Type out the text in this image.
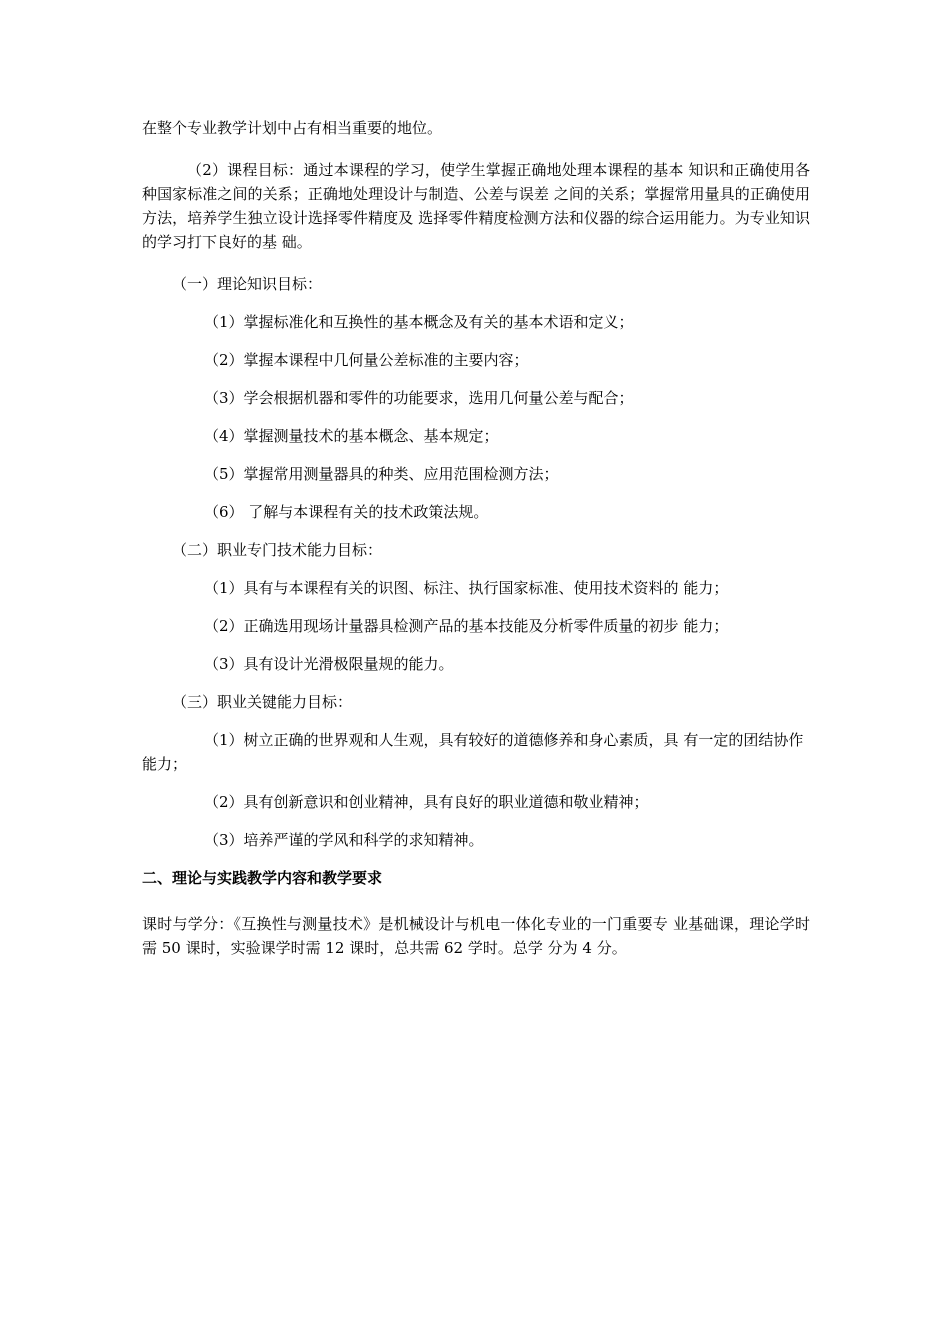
在整个专业教学计划中占有相当重要的地位。

（2）课程目标：通过本课程的学习，使学生掌握正确地处理本课程的基本 知识和正确使用各种国家标准之间的关系；正确地处理设计与制造、公差与误差 之间的关系；掌握常用量具的正确使用方法，培养学生独立设计选择零件精度及 选择零件精度检测方法和仪器的综合运用能力。为专业知识的学习打下良好的基 础。

（一）理论知识目标：

（1）掌握标准化和互换性的基本概念及有关的基本术语和定义；

（2）掌握本课程中几何量公差标准的主要内容；

（3）学会根据机器和零件的功能要求，选用几何量公差与配合；

（4）掌握测量技术的基本概念、基本规定；

（5）掌握常用测量器具的种类、应用范围检测方法；

（6） 了解与本课程有关的技术政策法规。

（二）职业专门技术能力目标：

（1）具有与本课程有关的识图、标注、执行国家标准、使用技术资料的 能力；

（2）正确选用现场计量器具检测产品的基本技能及分析零件质量的初步 能力；

（3）具有设计光滑极限量规的能力。

（三）职业关键能力目标：

（1）树立正确的世界观和人生观，具有较好的道德修养和身心素质，具 有一定的团结协作能力；

（2）具有创新意识和创业精神，具有良好的职业道德和敬业精神；

（3）培养严谨的学风和科学的求知精神。

二、理论与实践教学内容和教学要求

课时与学分：《互换性与测量技术》是机械设计与机电一体化专业的一门重要专 业基础课，理论学时需 50 课时，实验课学时需 12 课时，总共需 62 学时。总学 分为 4 分。
